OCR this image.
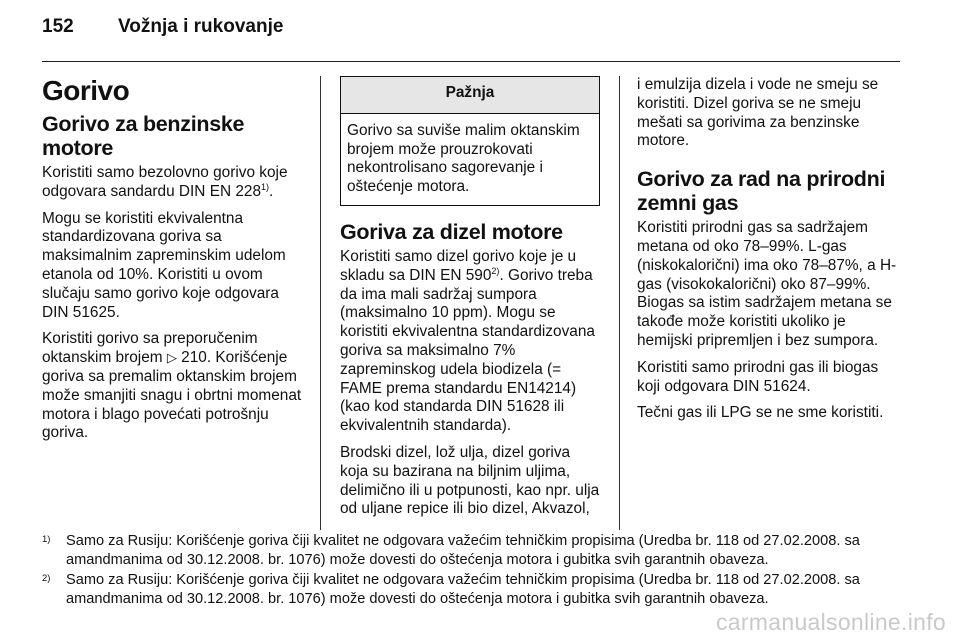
152 Vožnja i rukovanje
Gorivo
Gorivo za benzinske motore

Koristiti samo bezolovno gorivo koje odgovara sandardu DIN EN 228$^{1)}$.

Mogu se koristiti ekvivalentna standardizovana goriva sa maksimalnim zapreminskim udelom etanola od 10%. Koristiti u ovom slučaju samo gorivo koje odgovara DIN 51625.

Koristiti gorivo sa preporučenim oktanskim brojem ▷ 210. Korišćenje goriva sa premalim oktanskim brojem može smanjiti snagu i obrtni momenat motora i blago povećati potrošnju goriva.

Pažnja
Gorivo sa suviše malim oktanskim brojem može prouzrokovati nekontrolisano sagorevanje i oštećenje motora.
Goriva za dizel motore

Koristiti samo dizel gorivo koje je u skladu sa DIN EN 590$^{2)}$. Gorivo treba da ima mali sadržaj sumpora (maksimalno 10 ppm). Mogu se koristiti ekvivalentna standardizovana goriva sa maksimalno 7% zapreminskog udela biodizela (= FAME prema standardu EN14214) (kao kod standarda DIN 51628 ili ekvivalentnih standarda).

Brodski dizel, lož ulja, dizel goriva koja su bazirana na biljnim uljima, delimično ili u potpunosti, kao npr. ulja od uljane repice ili bio dizel, Akvazol,

i emulzija dizela i vode ne smeju se koristiti. Dizel goriva se ne smeju mešati sa gorivima za benzinske motore.

Gorivo za rad na prirodni zemni gas

Koristiti prirodni gas sa sadržajem metana od oko 78–99%. L-gas (niskokalorični) ima oko 78–87%, a H-gas (visokokalorični) oko 87–99%. Biogas sa istim sadržajem metana se takođe može koristiti ukoliko je hemijski pripremljen i bez sumpora.

Koristiti samo prirodni gas ili biogas koji odgovara DIN 51624.

Tečni gas ili LPG se ne sme koristiti.

1) Samo za Rusiju: Korišćenje goriva čiji kvalitet ne odgovara važećim tehničkim propisima (Uredba br. 118 od 27.02.2008. sa amandmanima od 30.12.2008. br. 1076) može dovesti do oštećenja motora i gubitka svih garantnih obaveza.
2) Samo za Rusiju: Korišćenje goriva čiji kvalitet ne odgovara važećim tehničkim propisima (Uredba br. 118 od 27.02.2008. sa amandmanima od 30.12.2008. br. 1076) može dovesti do oštećenja motora i gubitka svih garantnih obaveza.
carmanualsonline.info
